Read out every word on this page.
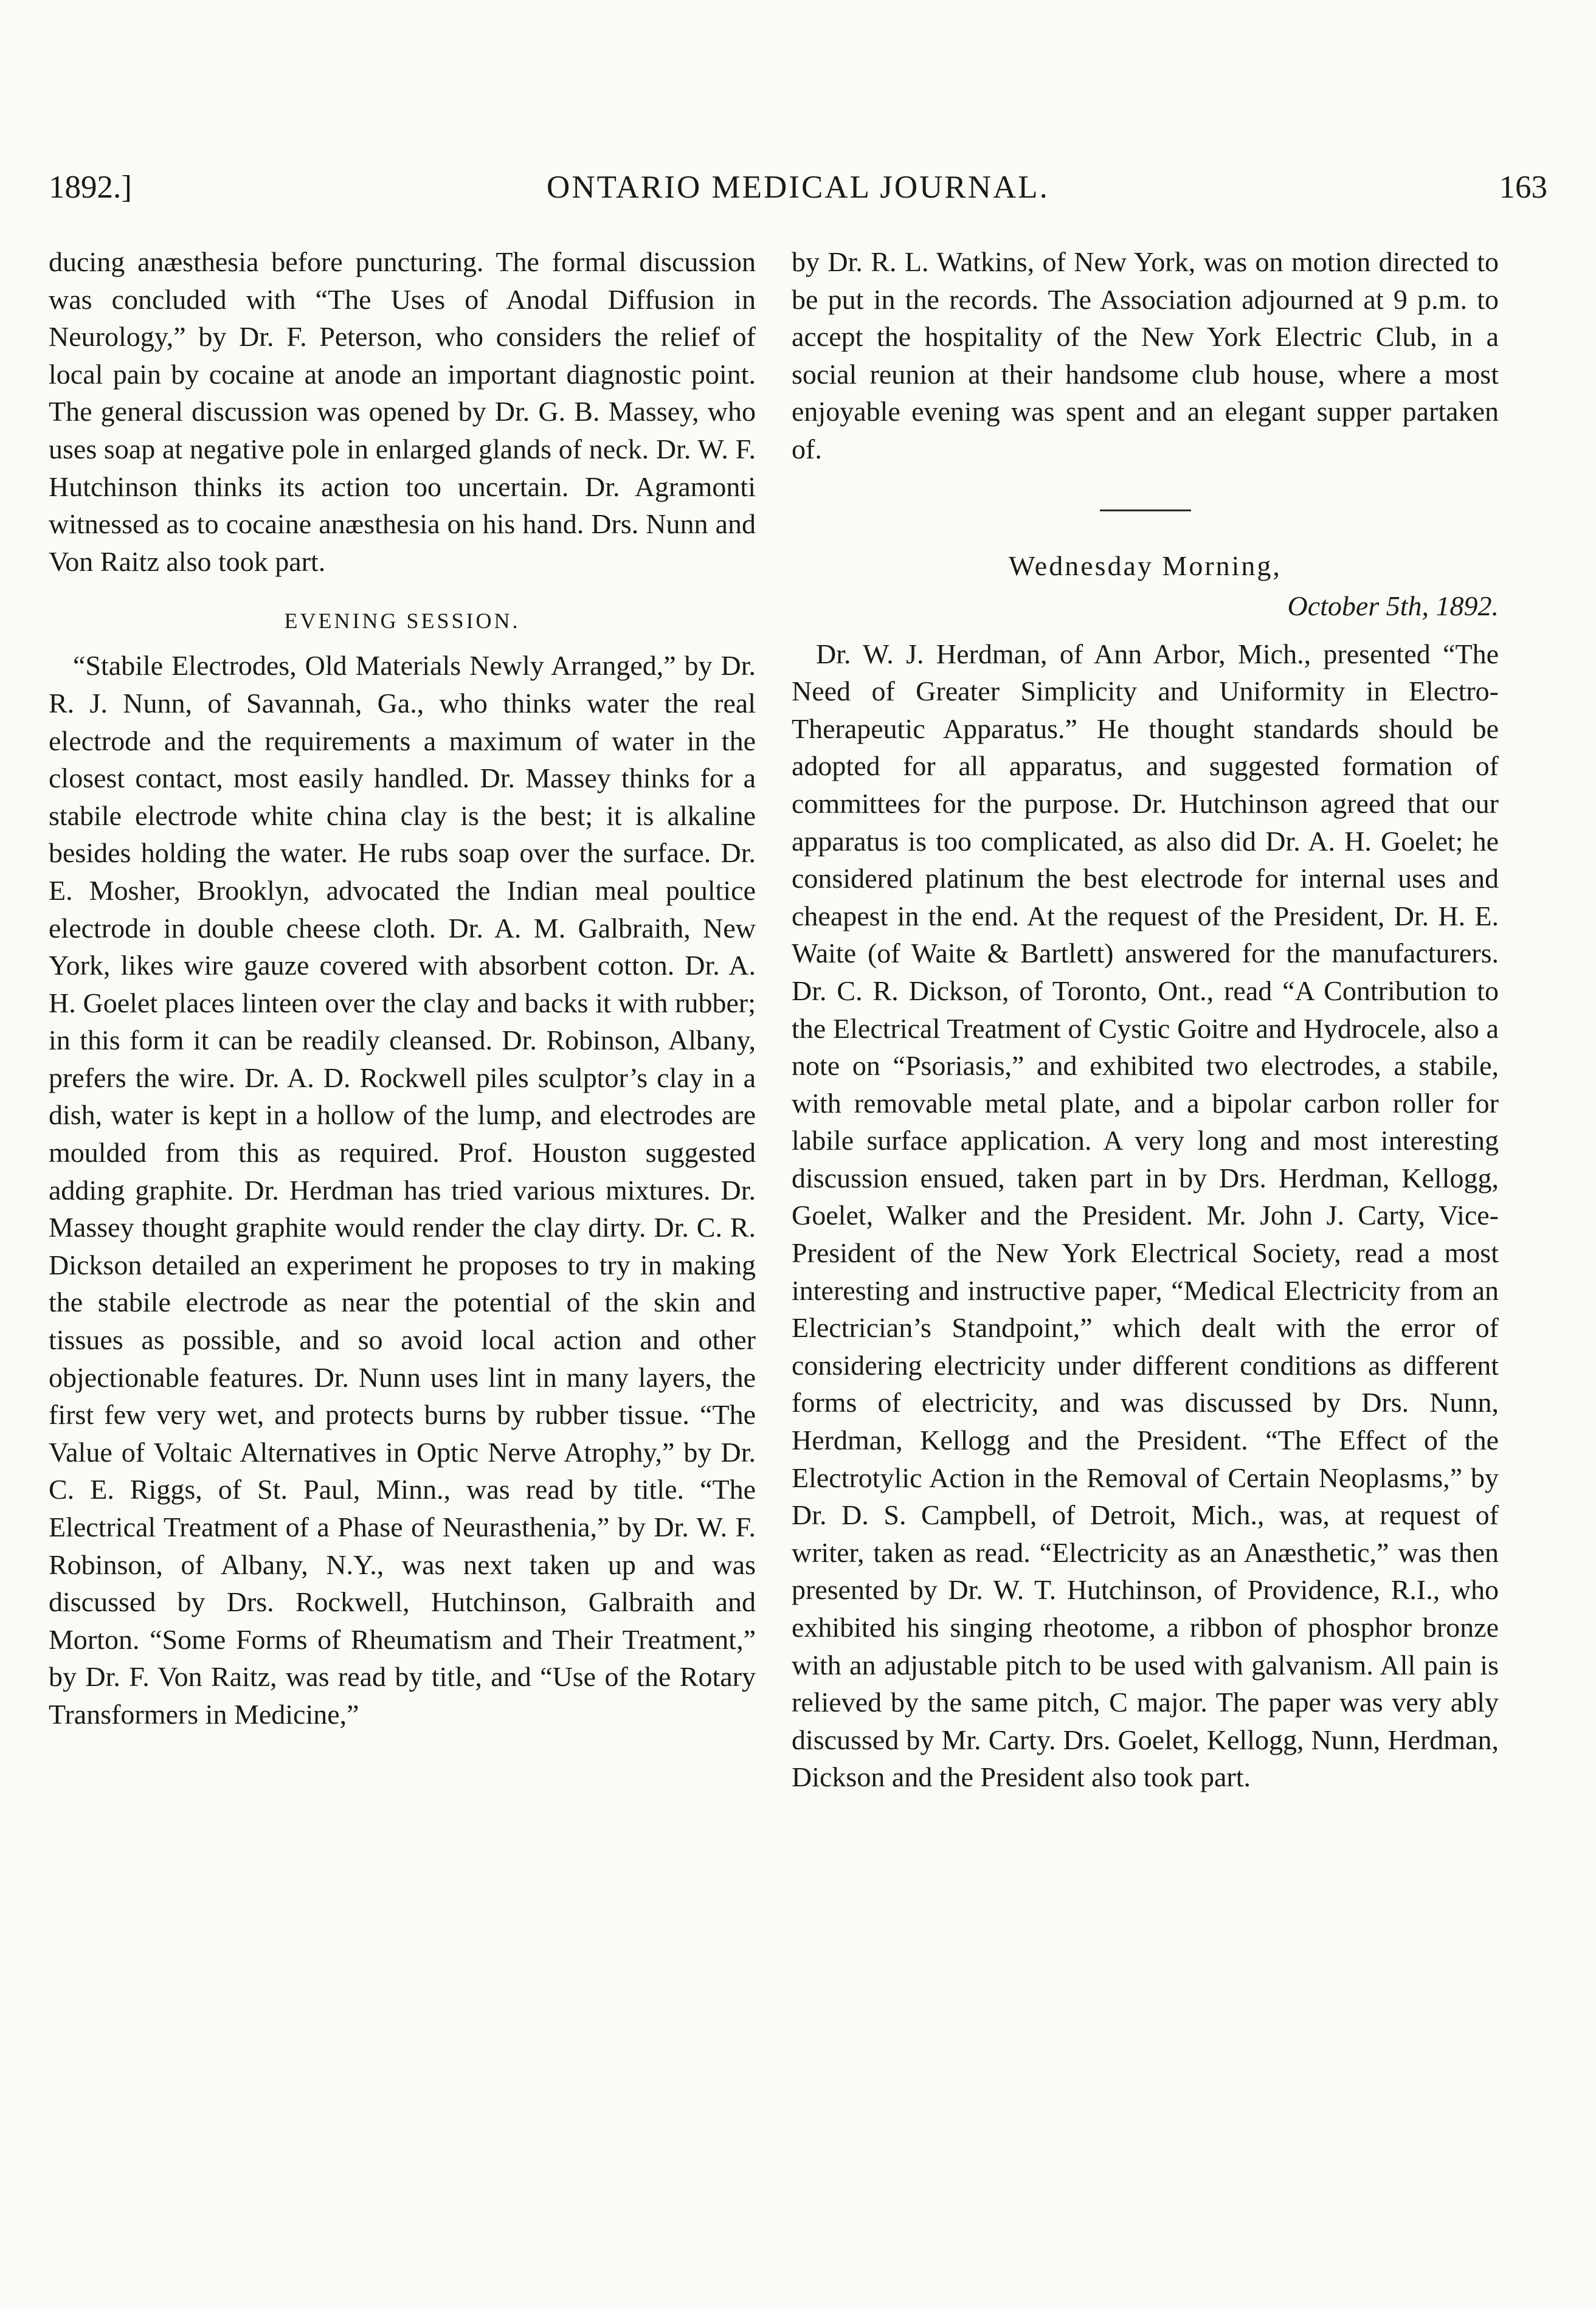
1892.]	ONTARIO MEDICAL JOURNAL.	163

ducing anæsthesia before puncturing. The formal discussion was concluded with “The Uses of Anodal Diffusion in Neurology,” by Dr. F. Peterson, who considers the relief of local pain by cocaine at anode an important diagnostic point. The general discussion was opened by Dr. G. B. Massey, who uses soap at negative pole in enlarged glands of neck. Dr. W. F. Hutchinson thinks its action too uncertain. Dr. Agramonti witnessed as to cocaine anæsthesia on his hand. Drs. Nunn and Von Raitz also took part.

EVENING SESSION.

“Stabile Electrodes, Old Materials Newly Arranged,” by Dr. R. J. Nunn, of Savannah, Ga., who thinks water the real electrode and the requirements a maximum of water in the closest contact, most easily handled. Dr. Massey thinks for a stabile electrode white china clay is the best; it is alkaline besides holding the water. He rubs soap over the surface. Dr. E. Mosher, Brooklyn, advocated the Indian meal poultice electrode in double cheese cloth. Dr. A. M. Galbraith, New York, likes wire gauze covered with absorbent cotton. Dr. A. H. Goelet places linteen over the clay and backs it with rubber; in this form it can be readily cleansed. Dr. Robinson, Albany, prefers the wire. Dr. A. D. Rockwell piles sculptor’s clay in a dish, water is kept in a hollow of the lump, and electrodes are moulded from this as required. Prof. Houston suggested adding graphite. Dr. Herdman has tried various mixtures. Dr. Massey thought graphite would render the clay dirty. Dr. C. R. Dickson detailed an experiment he proposes to try in making the stabile electrode as near the potential of the skin and tissues as possible, and so avoid local action and other objectionable features. Dr. Nunn uses lint in many layers, the first few very wet, and protects burns by rubber tissue. “The Value of Voltaic Alternatives in Optic Nerve Atrophy,” by Dr. C. E. Riggs, of St. Paul, Minn., was read by title. “The Electrical Treatment of a Phase of Neurasthenia,” by Dr. W. F. Robinson, of Albany, N.Y., was next taken up and was discussed by Drs. Rockwell, Hutchinson, Galbraith and Morton. “Some Forms of Rheumatism and Their Treatment,” by Dr. F. Von Raitz, was read by title, and “Use of the Rotary Transformers in Medicine,”

by Dr. R. L. Watkins, of New York, was on motion directed to be put in the records. The Association adjourned at 9 p.m. to accept the hospitality of the New York Electric Club, in a social reunion at their handsome club house, where a most enjoyable evening was spent and an elegant supper partaken of.

Wednesday Morning,
October 5th, 1892.

Dr. W. J. Herdman, of Ann Arbor, Mich., presented “The Need of Greater Simplicity and Uniformity in Electro-Therapeutic Apparatus.” He thought standards should be adopted for all apparatus, and suggested formation of committees for the purpose. Dr. Hutchinson agreed that our apparatus is too complicated, as also did Dr. A. H. Goelet; he considered platinum the best electrode for internal uses and cheapest in the end. At the request of the President, Dr. H. E. Waite (of Waite & Bartlett) answered for the manufacturers. Dr. C. R. Dickson, of Toronto, Ont., read “A Contribution to the Electrical Treatment of Cystic Goitre and Hydrocele, also a note on “Psoriasis,” and exhibited two electrodes, a stabile, with removable metal plate, and a bipolar carbon roller for labile surface application. A very long and most interesting discussion ensued, taken part in by Drs. Herdman, Kellogg, Goelet, Walker and the President. Mr. John J. Carty, Vice-President of the New York Electrical Society, read a most interesting and instructive paper, “Medical Electricity from an Electrician’s Standpoint,” which dealt with the error of considering electricity under different conditions as different forms of electricity, and was discussed by Drs. Nunn, Herdman, Kellogg and the President. “The Effect of the Electrotylic Action in the Removal of Certain Neoplasms,” by Dr. D. S. Campbell, of Detroit, Mich., was, at request of writer, taken as read. “Electricity as an Anæsthetic,” was then presented by Dr. W. T. Hutchinson, of Providence, R.I., who exhibited his singing rheotome, a ribbon of phosphor bronze with an adjustable pitch to be used with galvanism. All pain is relieved by the same pitch, C major. The paper was very ably discussed by Mr. Carty. Drs. Goelet, Kellogg, Nunn, Herdman, Dickson and the President also took part.
